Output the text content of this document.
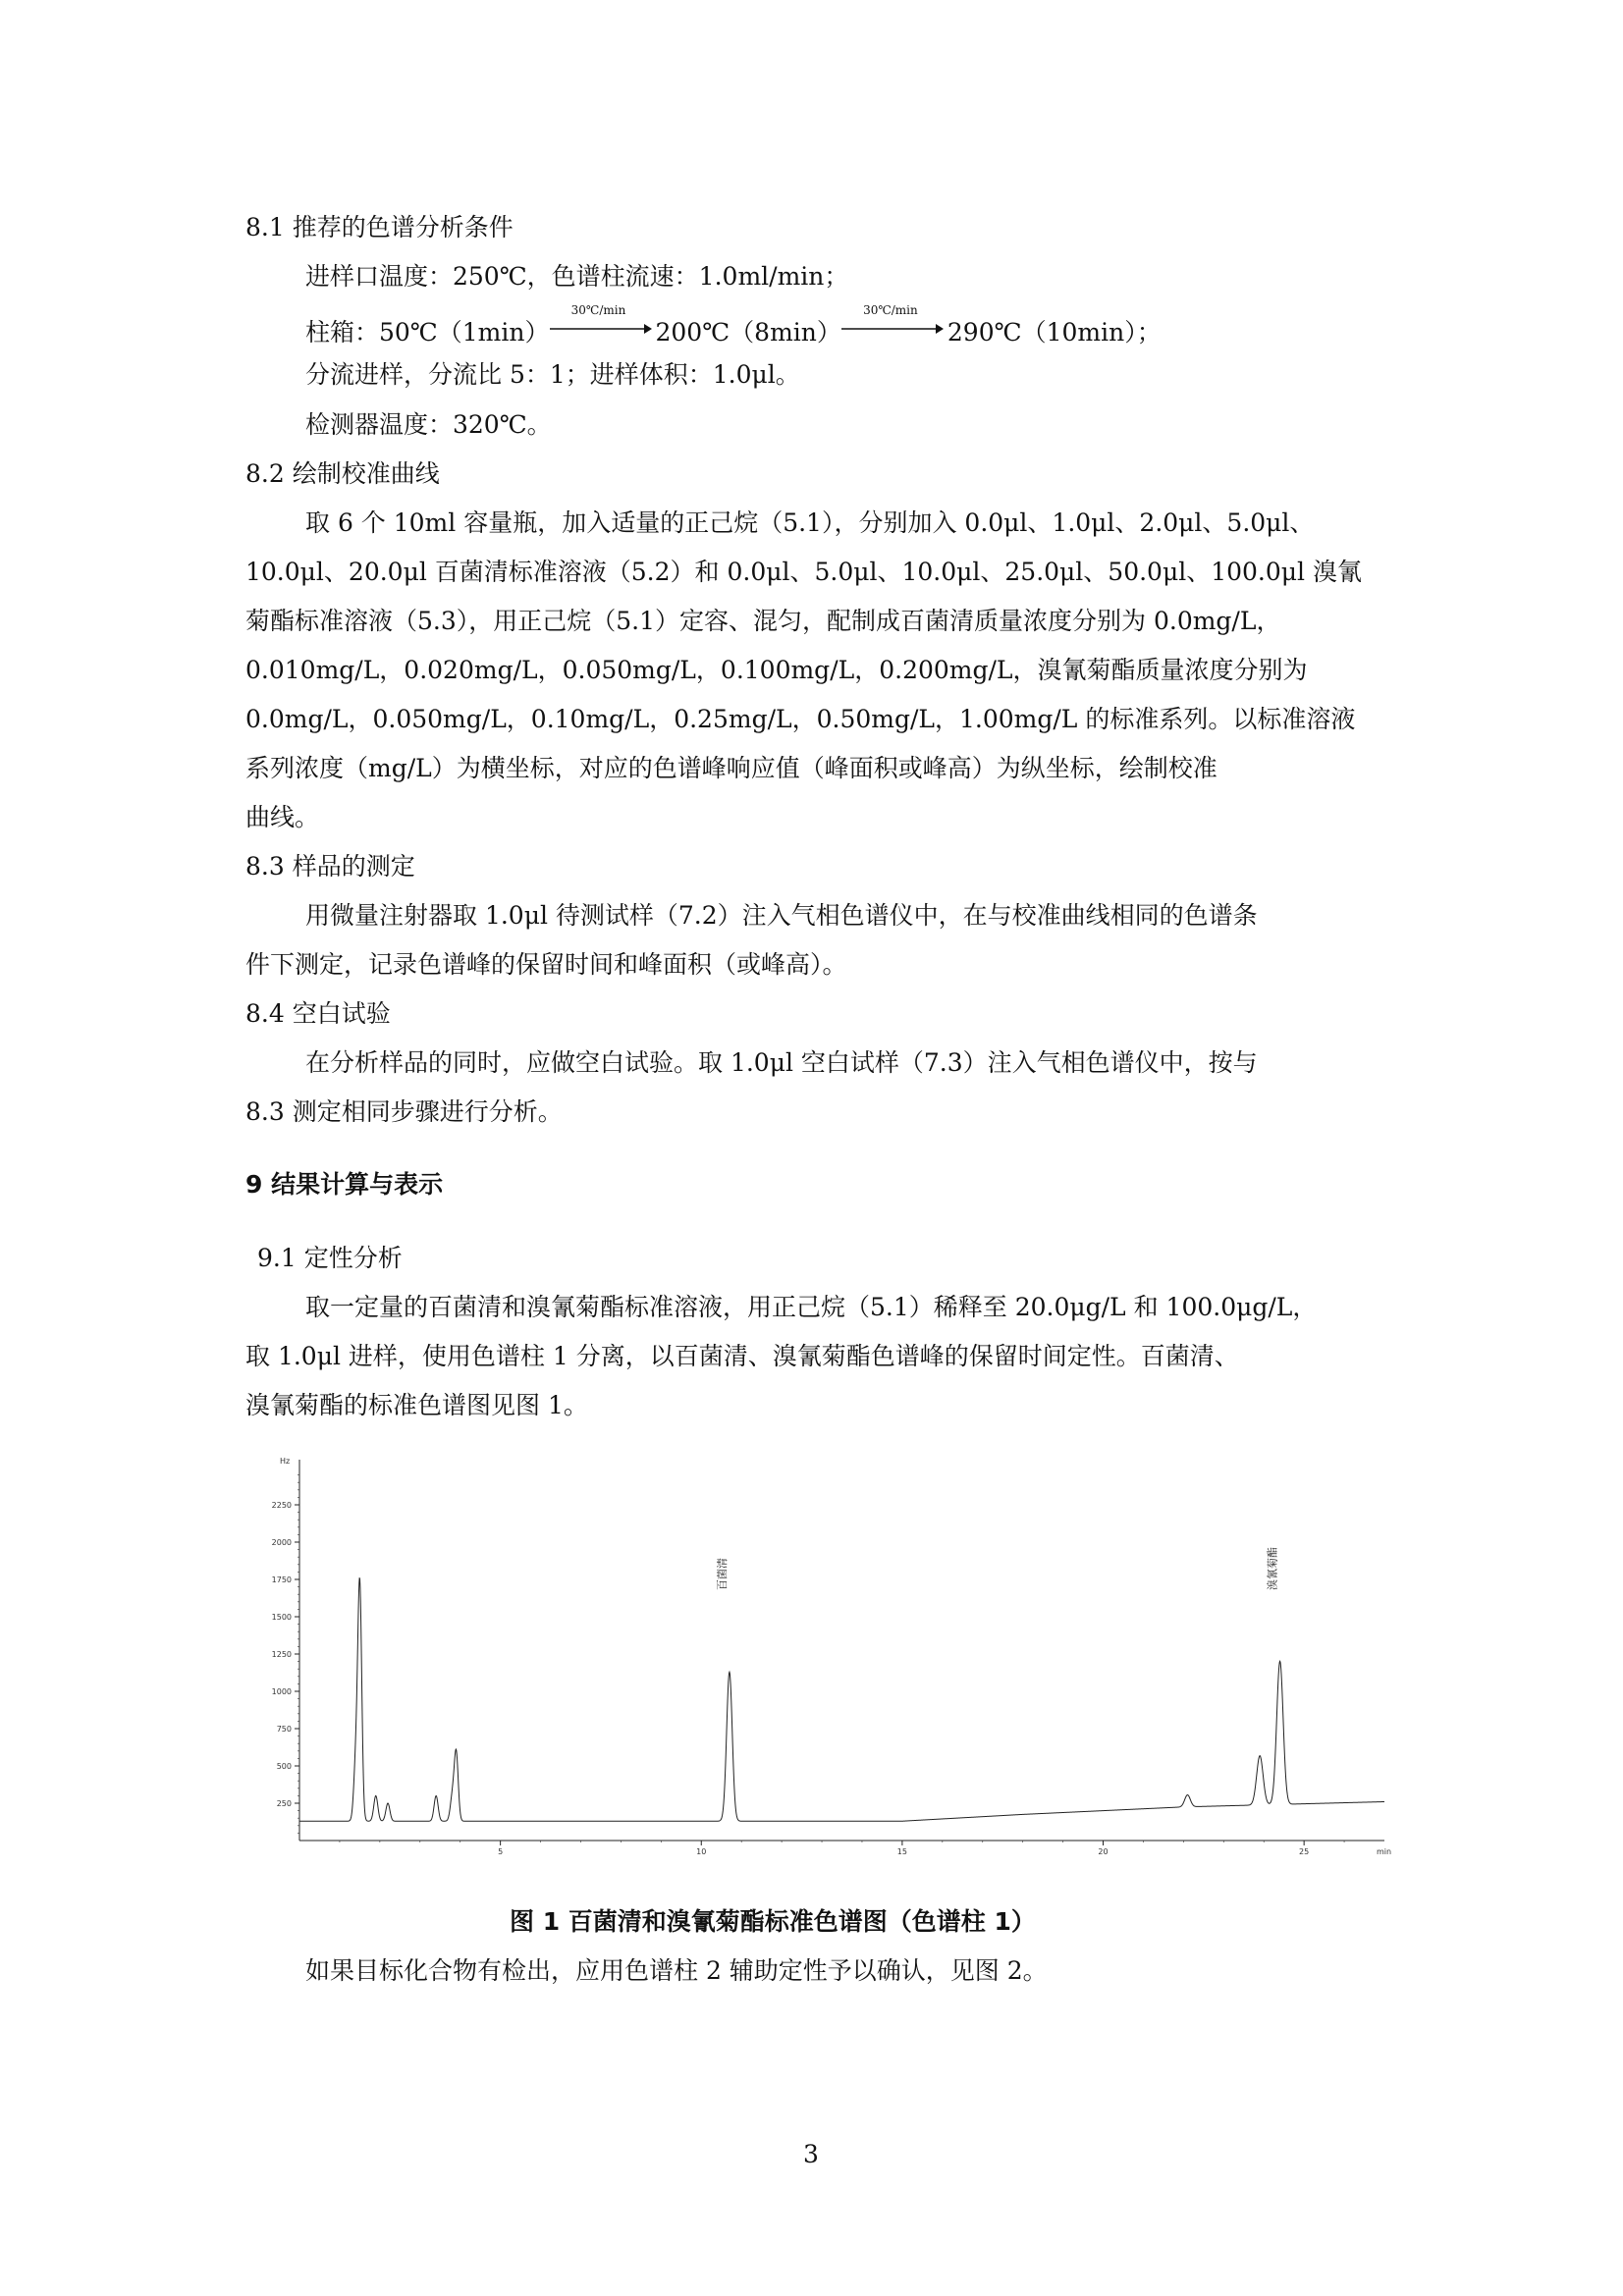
8.1 推荐的色谱分析条件
进样口温度：250℃，色谱柱流速：1.0ml/min；
柱箱：50℃（1min）
30℃/min
200℃（8min）
30℃/min
290℃（10min）；
分流进样，分流比 5：1；进样体积：1.0μl。
检测器温度：320℃。
8.2 绘制校准曲线
取 6 个 10ml 容量瓶，加入适量的正己烷（5.1），分别加入 0.0μl、1.0μl、2.0μl、5.0μl、
10.0μl、20.0μl 百菌清标准溶液（5.2）和 0.0μl、5.0μl、10.0μl、25.0μl、50.0μl、100.0μl 溴氰
菊酯标准溶液（5.3），用正己烷（5.1）定容、混匀，配制成百菌清质量浓度分别为 0.0mg/L，
0.010mg/L，0.020mg/L，0.050mg/L，0.100mg/L，0.200mg/L，溴氰菊酯质量浓度分别为
0.0mg/L，0.050mg/L，0.10mg/L，0.25mg/L，0.50mg/L，1.00mg/L 的标准系列。以标准溶液
系列浓度（mg/L）为横坐标，对应的色谱峰响应值（峰面积或峰高）为纵坐标，绘制校准
曲线。
8.3 样品的测定
用微量注射器取 1.0μl 待测试样（7.2）注入气相色谱仪中，在与校准曲线相同的色谱条
件下测定，记录色谱峰的保留时间和峰面积（或峰高）。
8.4 空白试验
在分析样品的同时，应做空白试验。取 1.0μl 空白试样（7.3）注入气相色谱仪中，按与
8.3 测定相同步骤进行分析。
9 结果计算与表示
9.1 定性分析
取一定量的百菌清和溴氰菊酯标准溶液，用正己烷（5.1）稀释至 20.0μg/L 和 100.0μg/L，
取 1.0μl 进样，使用色谱柱 1 分离，以百菌清、溴氰菊酯色谱峰的保留时间定性。百菌清、
溴氰菊酯的标准色谱图见图 1。
250
500
750
1000
1250
1500
1750
2000
2250
5	10	15	20	25
Hz
min
百菌清	溴氰菊酯
图 1 百菌清和溴氰菊酯标准色谱图（色谱柱 1）
如果目标化合物有检出，应用色谱柱 2 辅助定性予以确认，见图 2。
3
